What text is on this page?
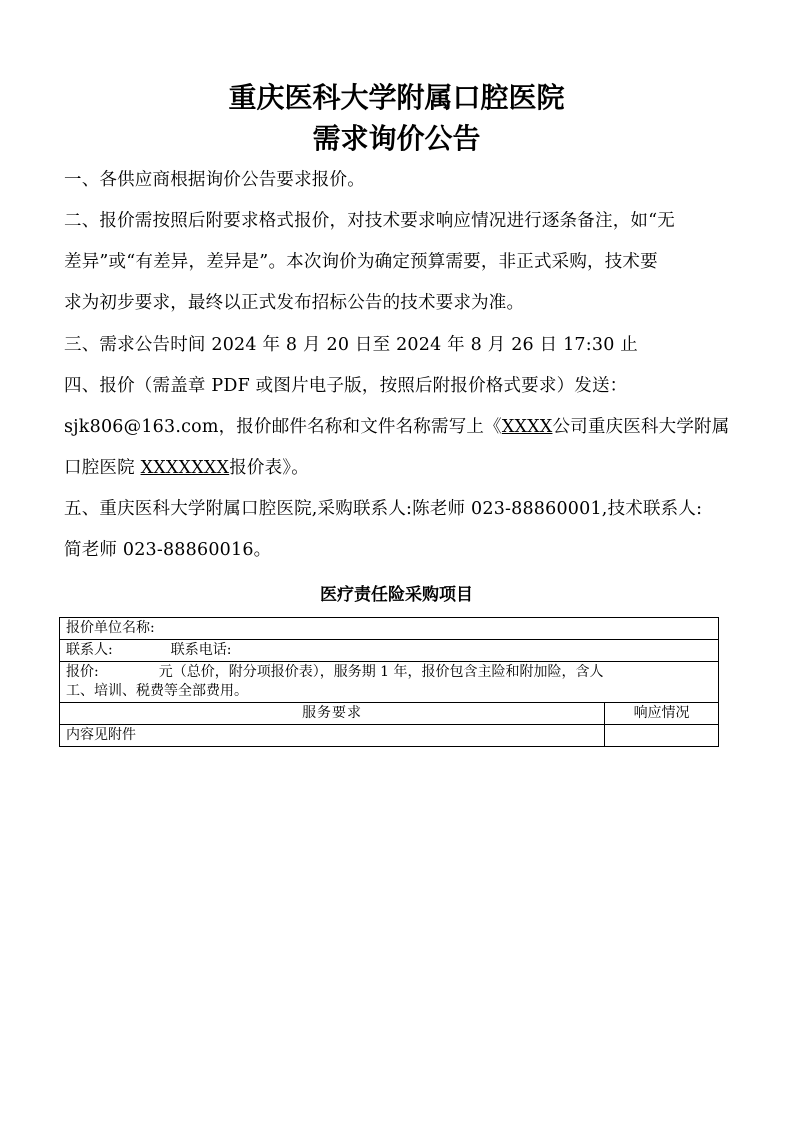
重庆医科大学附属口腔医院
需求询价公告
一、各供应商根据询价公告要求报价。
二、报价需按照后附要求格式报价，对技术要求响应情况进行逐条备注，如“无
差异”或“有差异，差异是”。本次询价为确定预算需要，非正式采购，技术要
求为初步要求，最终以正式发布招标公告的技术要求为准。
三、需求公告时间 2024 年 8 月 20 日至 2024 年 8 月 26 日 17:30 止
四、报价（需盖章 PDF 或图片电子版，按照后附报价格式要求）发送：
sjk806@163.com，报价邮件名称和文件名称需写上《XXXX公司重庆医科大学附属
口腔医院 XXXXXXX报价表》。
五、重庆医科大学附属口腔医院,采购联系人:陈老师 023-88860001,技术联系人:
简老师 023-88860016。
医疗责任险采购项目
报价单位名称:	
联系人: 联系电话:	
报价: 元（总价，附分项报价表），服务期 1 年，报价包含主险和附加险，含人
工、培训、税费等全部费用。	
服务要求	响应情况
内容见附件	
